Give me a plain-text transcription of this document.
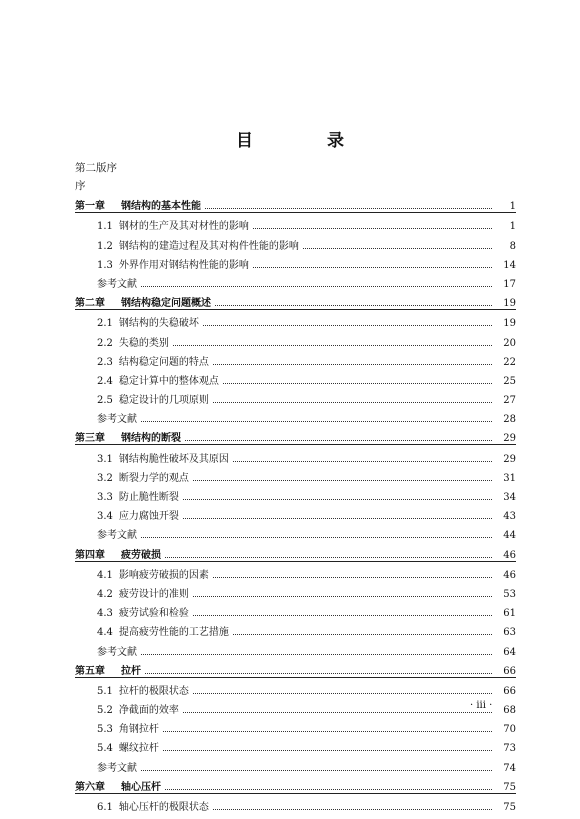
目 录
第二版序
序
第一章	钢结构的基本性能	1
1.1 钢材的生产及其对材性的影响	1
1.2 钢结构的建造过程及其对构件性能的影响	8
1.3 外界作用对钢结构性能的影响	14
参考文献	17
第二章	钢结构稳定问题概述	19
2.1 钢结构的失稳破坏	19
2.2 失稳的类别	20
2.3 结构稳定问题的特点	22
2.4 稳定计算中的整体观点	25
2.5 稳定设计的几项原则	27
参考文献	28
第三章	钢结构的断裂	29
3.1 钢结构脆性破坏及其原因	29
3.2 断裂力学的观点	31
3.3 防止脆性断裂	34
3.4 应力腐蚀开裂	43
参考文献	44
第四章	疲劳破损	46
4.1 影响疲劳破损的因素	46
4.2 疲劳设计的准则	53
4.3 疲劳试验和检验	61
4.4 提高疲劳性能的工艺措施	63
参考文献	64
第五章	拉杆	66
5.1 拉杆的极限状态	66
5.2 净截面的效率	68
5.3 角钢拉杆	70
5.4 螺纹拉杆	73
参考文献	74
第六章	轴心压杆	75
6.1 轴心压杆的极限状态	75
· iii ·
